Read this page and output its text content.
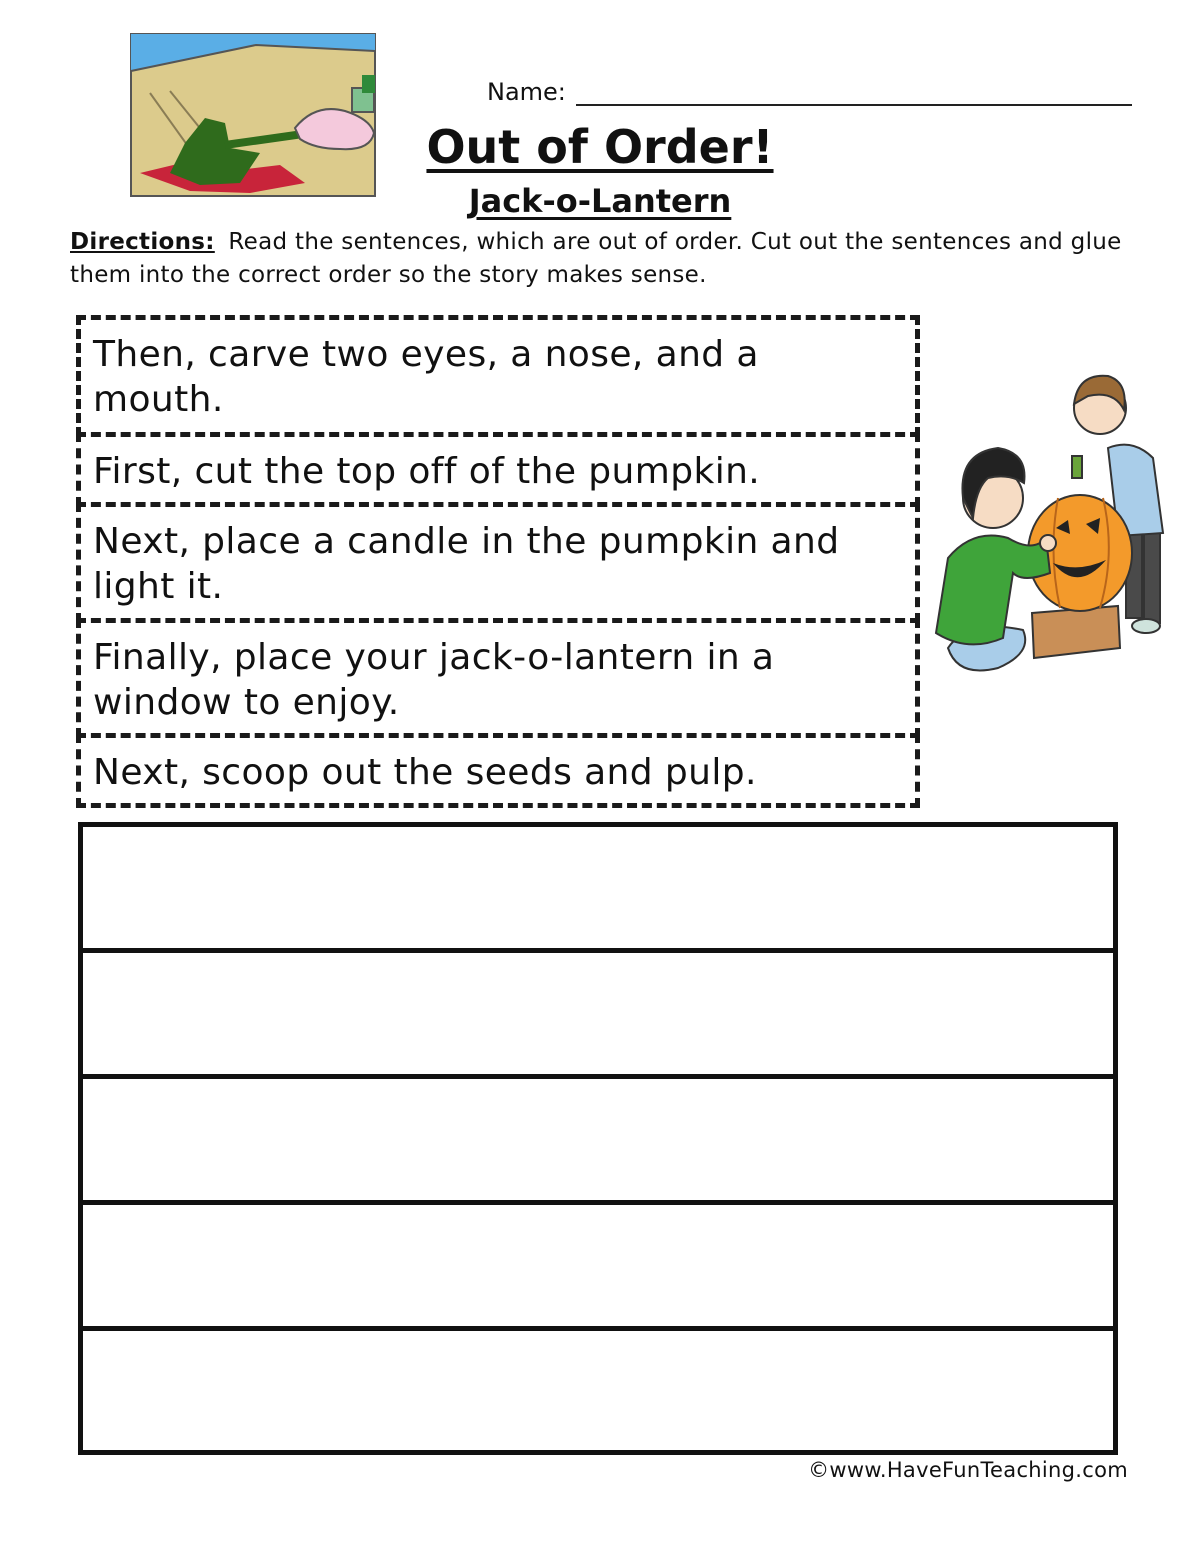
Name:
Out of Order!
Jack-o-Lantern
Directions: Read the sentences, which are out of order. Cut out the sentences and glue them into the correct order so the story makes sense.
Then, carve two eyes, a nose, and a mouth.
First, cut the top off of the pumpkin.
Next, place a candle in the pumpkin and light it.
Finally, place your jack-o-lantern in a window to enjoy.
Next, scoop out the seeds and pulp.
©www.HaveFunTeaching.com
